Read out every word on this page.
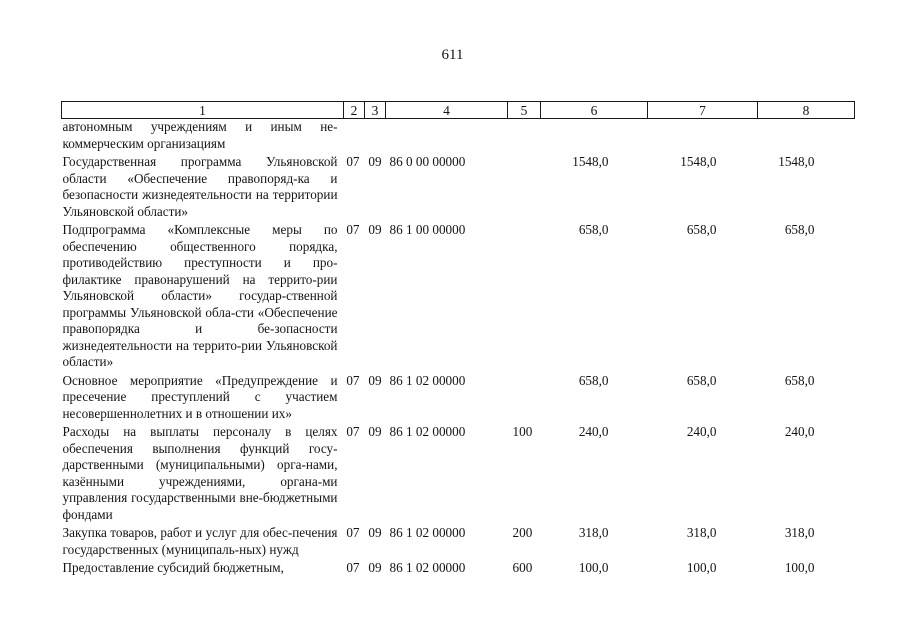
611
1	2	3	4	5	6	7	8
автономным учреждениям и иным не-коммерческим организациям							
Государственная программа Ульяновской области «Обеспечение правопоряд-ка и безопасности жизнедеятельности на территории Ульяновской области»	07	09	86 0 00 00000		1548,0	1548,0	1548,0
Подпрограмма «Комплексные меры по обеспечению общественного порядка, противодействию преступности и про-филактике правонарушений на террито-рии Ульяновской области» государ-ственной программы Ульяновской обла-сти «Обеспечение правопорядка и бе-зопасности жизнедеятельности на террито-рии Ульяновской области»	07	09	86 1 00 00000		658,0	658,0	658,0
Основное мероприятие «Предупреждение и пресечение преступлений с участием несовершеннолетних и в отношении их»	07	09	86 1 02 00000		658,0	658,0	658,0
Расходы на выплаты персоналу в целях обеспечения выполнения функций госу-дарственными (муниципальными) орга-нами, казёнными учреждениями, органа-ми управления государственными вне-бюджетными фондами	07	09	86 1 02 00000	100	240,0	240,0	240,0
Закупка товаров, работ и услуг для обес-печения государственных (муниципаль-ных) нужд	07	09	86 1 02 00000	200	318,0	318,0	318,0
Предоставление субсидий бюджетным,	07	09	86 1 02 00000	600	100,0	100,0	100,0
